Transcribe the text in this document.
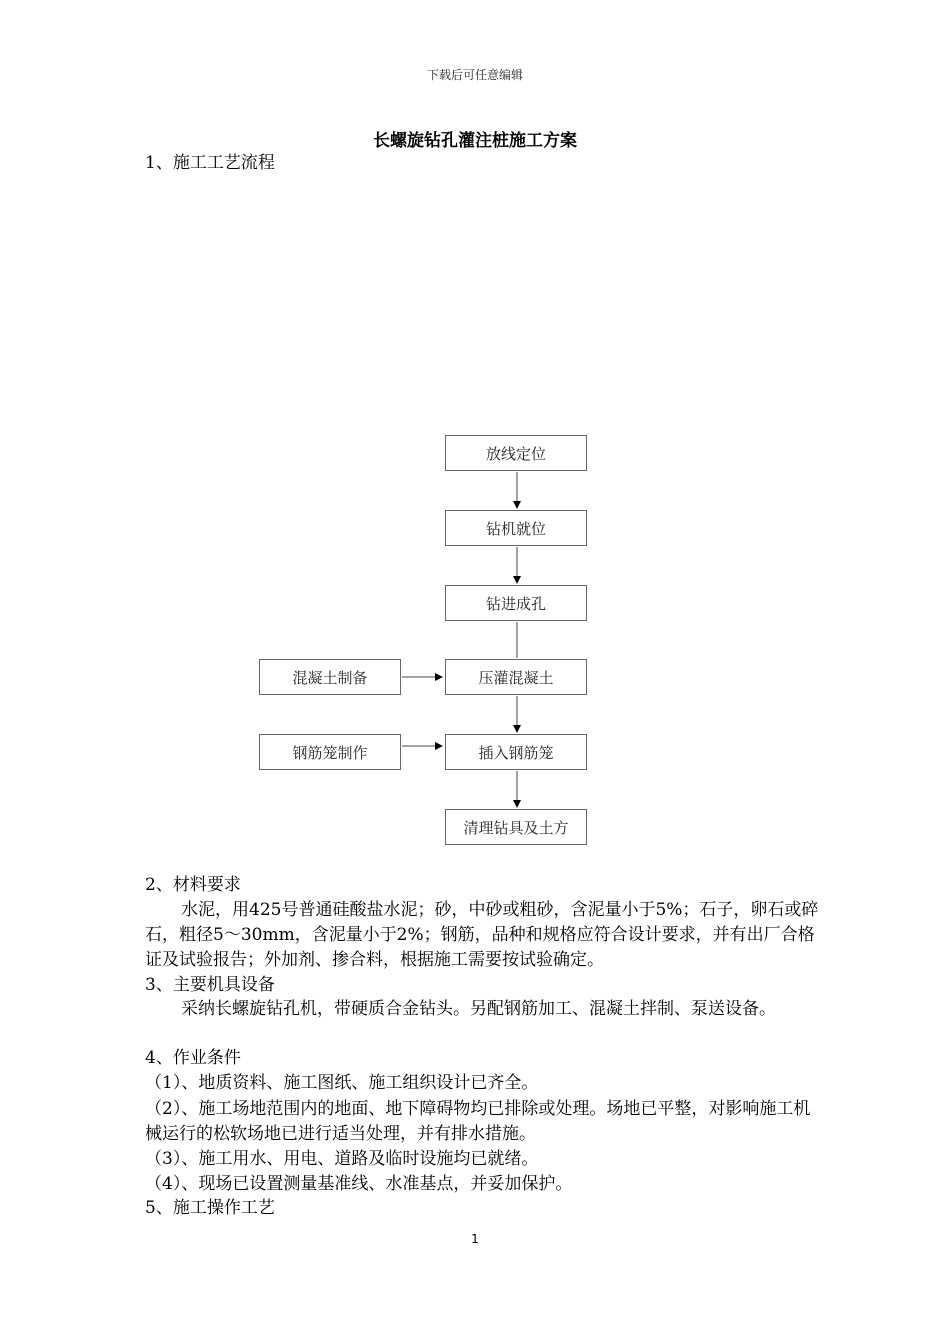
下载后可任意编辑
长螺旋钻孔灌注桩施工方案

1、施工工艺流程

放线定位
钻机就位
钻进成孔
压灌混凝土
插入钢筋笼
清理钻具及土方
混凝土制备
钢筋笼制作

2、材料要求

水泥，用425号普通硅酸盐水泥；砂，中砂或粗砂，含泥量小于5%；石子，卵石或碎石，粗径5～30mm，含泥量小于2%；钢筋，品种和规格应符合设计要求，并有出厂合格证及试验报告；外加剂、掺合料，根据施工需要按试验确定。

3、主要机具设备

采纳长螺旋钻孔机，带硬质合金钻头。另配钢筋加工、混凝土拌制、泵送设备。

4、作业条件

（1）、地质资料、施工图纸、施工组织设计已齐全。

（2）、施工场地范围内的地面、地下障碍物均已排除或处理。场地已平整，对影响施工机械运行的松软场地已进行适当处理，并有排水措施。

（3）、施工用水、用电、道路及临时设施均已就绪。

（4）、现场已设置测量基准线、水准基点，并妥加保护。

5、施工操作工艺

1
